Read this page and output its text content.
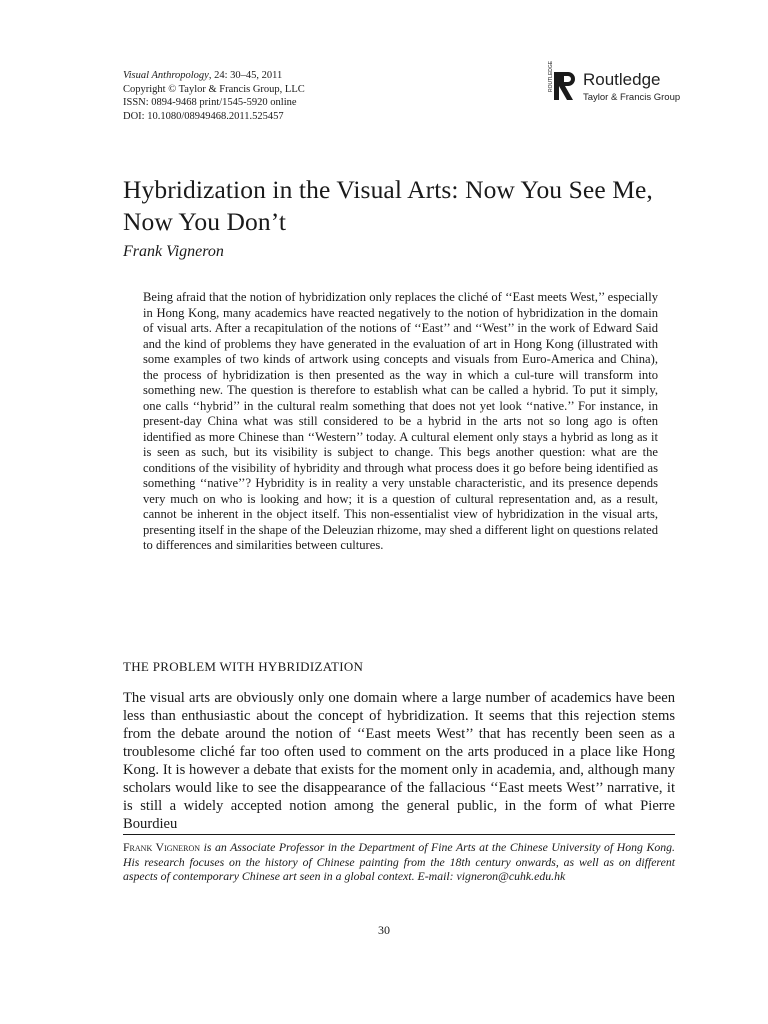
Visual Anthropology, 24: 30–45, 2011
Copyright © Taylor & Francis Group, LLC
ISSN: 0894-9468 print/1545-5920 online
DOI: 10.1080/08949468.2011.525457
ROUTLEDGE Routledge
Taylor & Francis Group
Hybridization in the Visual Arts: Now You See Me, Now You Don’t
Frank Vigneron

Being afraid that the notion of hybridization only replaces the cliché of ‘‘East meets West,’’ especially in Hong Kong, many academics have reacted negatively to the notion of hybridization in the domain of visual arts. After a recapitulation of the notions of ‘‘East’’ and ‘‘West’’ in the work of Edward Said and the kind of problems they have generated in the evaluation of art in Hong Kong (illustrated with some examples of two kinds of artwork using concepts and visuals from Euro-America and China), the process of hybridization is then presented as the way in which a cul-ture will transform into something new. The question is therefore to establish what can be called a hybrid. To put it simply, one calls ‘‘hybrid’’ in the cultural realm something that does not yet look ‘‘native.’’ For instance, in present-day China what was still considered to be a hybrid in the arts not so long ago is often identified as more Chinese than ‘‘Western’’ today. A cultural element only stays a hybrid as long as it is seen as such, but its visibility is subject to change. This begs another question: what are the conditions of the visibility of hybridity and through what process does it go before being identified as something ‘‘native’’? Hybridity is in reality a very unstable characteristic, and its presence depends very much on who is looking and how; it is a question of cultural representation and, as a result, cannot be inherent in the object itself. This non-essentialist view of hybridization in the visual arts, presenting itself in the shape of the Deleuzian rhizome, may shed a different light on questions related to differences and similarities between cultures.

THE PROBLEM WITH HYBRIDIZATION

The visual arts are obviously only one domain where a large number of academics have been less than enthusiastic about the concept of hybridization. It seems that this rejection stems from the debate around the notion of ‘‘East meets West’’ that has recently been seen as a troublesome cliché far too often used to comment on the arts produced in a place like Hong Kong. It is however a debate that exists for the moment only in academia, and, although many scholars would like to see the disappearance of the fallacious ‘‘East meets West’’ narrative, it is still a widely accepted notion among the general public, in the form of what Pierre Bourdieu

Frank Vigneron is an Associate Professor in the Department of Fine Arts at the Chinese University of Hong Kong. His research focuses on the history of Chinese painting from the 18th century onwards, as well as on different aspects of contemporary Chinese art seen in a global context. E-mail: vigneron@cuhk.edu.hk

30
